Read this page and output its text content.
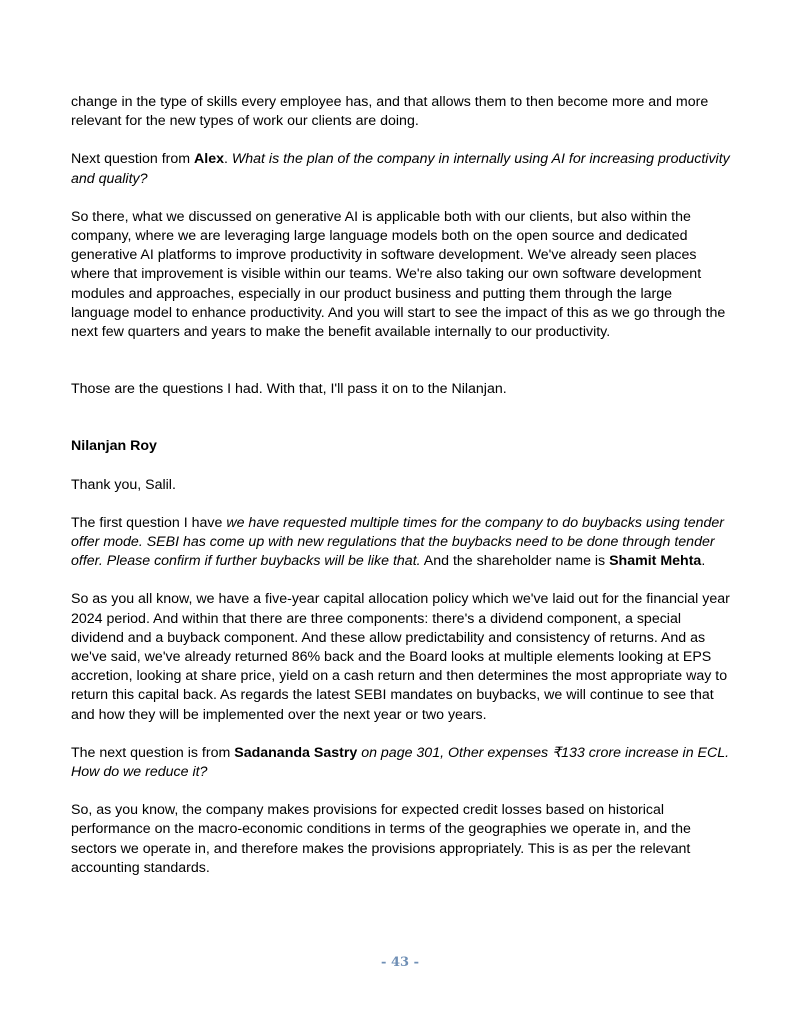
change in the type of skills every employee has, and that allows them to then become more and more relevant for the new types of work our clients are doing.

Next question from Alex. What is the plan of the company in internally using AI for increasing productivity and quality?

So there, what we discussed on generative AI is applicable both with our clients, but also within the company, where we are leveraging large language models both on the open source and dedicated generative AI platforms to improve productivity in software development. We've already seen places where that improvement is visible within our teams. We're also taking our own software development modules and approaches, especially in our product business and putting them through the large language model to enhance productivity. And you will start to see the impact of this as we go through the next few quarters and years to make the benefit available internally to our productivity.

Those are the questions I had. With that, I'll pass it on to the Nilanjan.

Nilanjan Roy

Thank you, Salil.

The first question I have we have requested multiple times for the company to do buybacks using tender offer mode. SEBI has come up with new regulations that the buybacks need to be done through tender offer. Please confirm if further buybacks will be like that. And the shareholder name is Shamit Mehta.

So as you all know, we have a five-year capital allocation policy which we've laid out for the financial year 2024 period. And within that there are three components: there's a dividend component, a special dividend and a buyback component. And these allow predictability and consistency of returns. And as we've said, we've already returned 86% back and the Board looks at multiple elements looking at EPS accretion, looking at share price, yield on a cash return and then determines the most appropriate way to return this capital back. As regards the latest SEBI mandates on buybacks, we will continue to see that and how they will be implemented over the next year or two years.

The next question is from Sadananda Sastry on page 301, Other expenses ₹133 crore increase in ECL. How do we reduce it?

So, as you know, the company makes provisions for expected credit losses based on historical performance on the macro-economic conditions in terms of the geographies we operate in, and the sectors we operate in, and therefore makes the provisions appropriately. This is as per the relevant accounting standards.

- 43 -
